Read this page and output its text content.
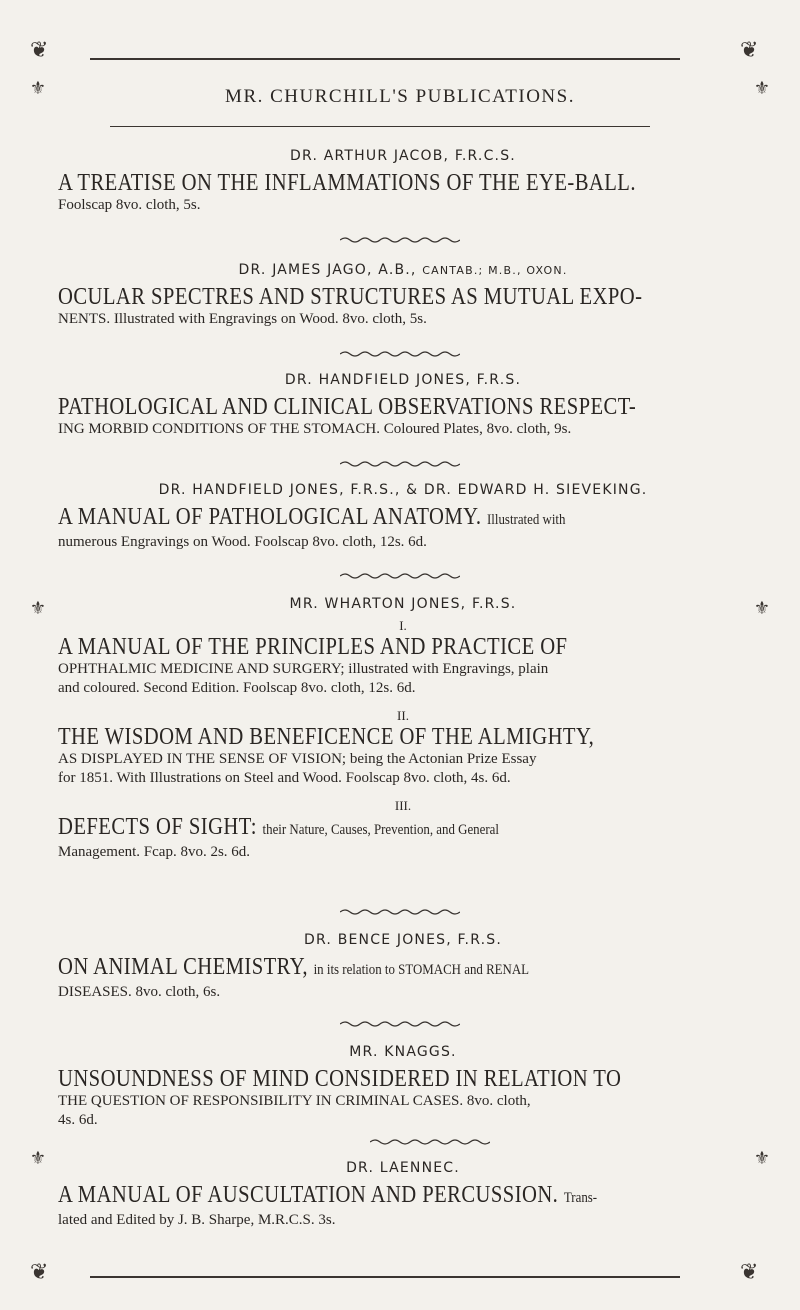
❦	❦
MR. CHURCHILL'S PUBLICATIONS.
⚜	⚜
⚜	⚜
⚜	⚜

DR. ARTHUR JACOB, F.R.C.S.

A TREATISE ON THE INFLAMMATIONS OF THE EYE-BALL.

Foolscap 8vo. cloth, 5s.

DR. JAMES JAGO, A.B., CANTAB.; M.B., OXON.

OCULAR SPECTRES AND STRUCTURES AS MUTUAL EXPO-

NENTS. Illustrated with Engravings on Wood. 8vo. cloth, 5s.

DR. HANDFIELD JONES, F.R.S.

PATHOLOGICAL AND CLINICAL OBSERVATIONS RESPECT-

ING MORBID CONDITIONS OF THE STOMACH. Coloured Plates, 8vo. cloth, 9s.

DR. HANDFIELD JONES, F.R.S., & DR. EDWARD H. SIEVEKING.

A MANUAL OF PATHOLOGICAL ANATOMY. Illustrated with

numerous Engravings on Wood. Foolscap 8vo. cloth, 12s. 6d.

MR. WHARTON JONES, F.R.S.

I.

A MANUAL OF THE PRINCIPLES AND PRACTICE OF

OPHTHALMIC MEDICINE AND SURGERY; illustrated with Engravings, plain

and coloured. Second Edition. Foolscap 8vo. cloth, 12s. 6d.

II.

THE WISDOM AND BENEFICENCE OF THE ALMIGHTY,

AS DISPLAYED IN THE SENSE OF VISION; being the Actonian Prize Essay

for 1851. With Illustrations on Steel and Wood. Foolscap 8vo. cloth, 4s. 6d.

III.

DEFECTS OF SIGHT: their Nature, Causes, Prevention, and General

Management. Fcap. 8vo. 2s. 6d.

DR. BENCE JONES, F.R.S.

ON ANIMAL CHEMISTRY, in its relation to STOMACH and RENAL

DISEASES. 8vo. cloth, 6s.

MR. KNAGGS.

UNSOUNDNESS OF MIND CONSIDERED IN RELATION TO

THE QUESTION OF RESPONSIBILITY IN CRIMINAL CASES. 8vo. cloth,

4s. 6d.

DR. LAENNEC.

A MANUAL OF AUSCULTATION AND PERCUSSION. Trans-

lated and Edited by J. B. Sharpe, M.R.C.S. 3s.

❦	❦
